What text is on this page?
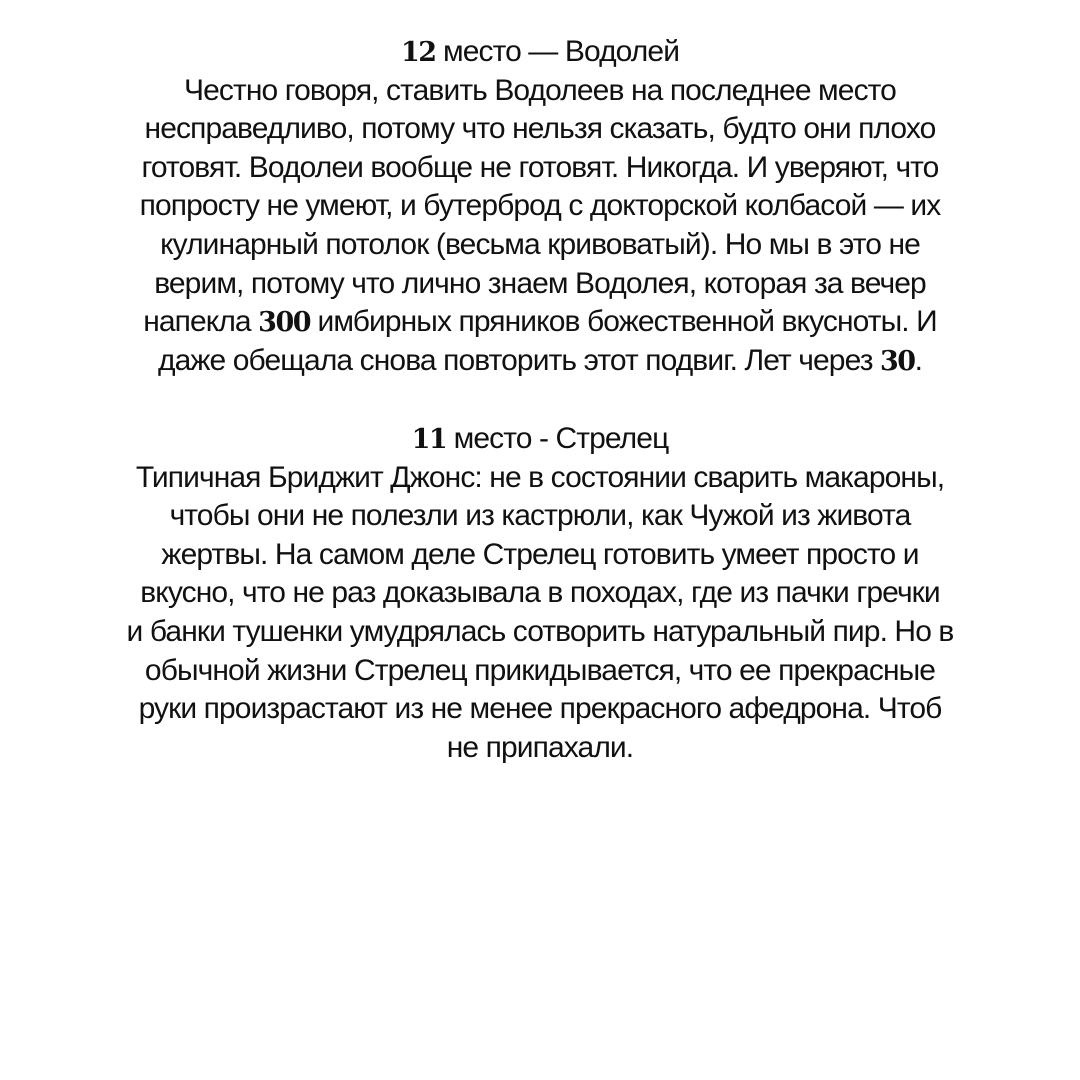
12 место — Водолей
Честно говоря, ставить Водолеев на последнее место
несправедливо, потому что нельзя сказать, будто они плохо
готовят. Водолеи вообще не готовят. Никогда. И уверяют, что
попросту не умеют, и бутерброд с докторской колбасой — их
кулинарный потолок (весьма кривоватый). Но мы в это не
верим, потому что лично знаем Водолея, которая за вечер
напекла 300 имбирных пряников божественной вкусноты. И
даже обещала снова повторить этот подвиг. Лет через 30.
11 место - Стрелец
Типичная Бриджит Джонс: не в состоянии сварить макароны,
чтобы они не полезли из кастрюли, как Чужой из живота
жертвы. На самом деле Стрелец готовить умеет просто и
вкусно, что не раз доказывала в походах, где из пачки гречки
и банки тушенки умудрялась сотворить натуральный пир. Но в
обычной жизни Стрелец прикидывается, что ее прекрасные
руки произрастают из не менее прекрасного афедрона. Чтоб
не припахали.
